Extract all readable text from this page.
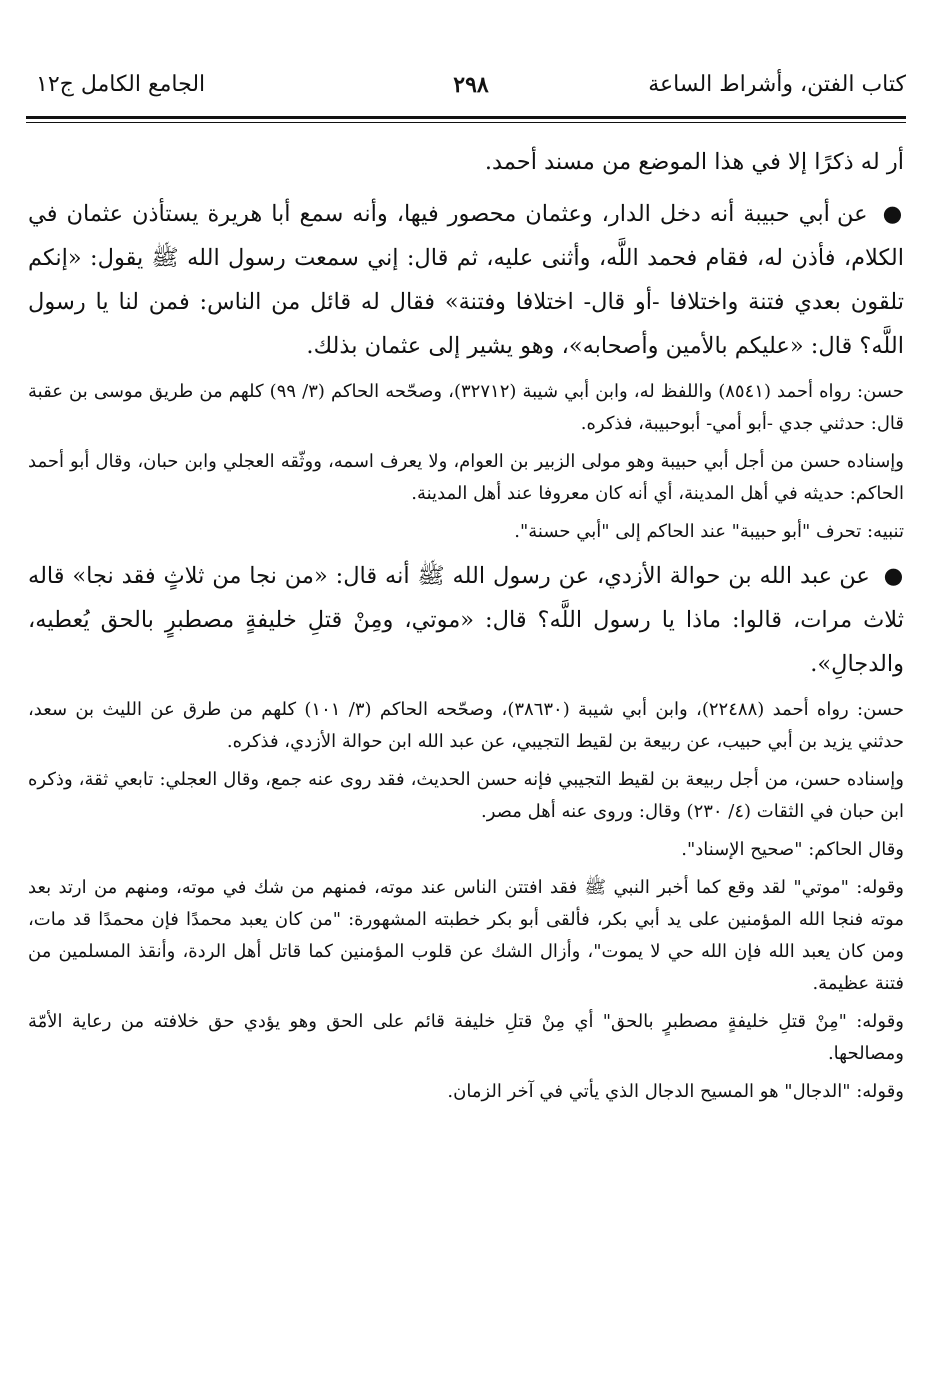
كتاب الفتن، وأشراط الساعة
٢٩٨
الجامع الكامل ج١٢

أر له ذكرًا إلا في هذا الموضع من مسند أحمد.

● عن أبي حبيبة أنه دخل الدار، وعثمان محصور فيها، وأنه سمع أبا هريرة يستأذن عثمان في الكلام، فأذن له، فقام فحمد اللَّه، وأثنى عليه، ثم قال: إني سمعت رسول الله ﷺ يقول: «إنكم تلقون بعدي فتنة واختلافا -أو قال- اختلافا وفتنة» فقال له قائل من الناس: فمن لنا يا رسول اللَّه؟ قال: «عليكم بالأمين وأصحابه»، وهو يشير إلى عثمان بذلك.

حسن: رواه أحمد (٨٥٤١) واللفظ له، وابن أبي شيبة (٣٢٧١٢)، وصحّحه الحاكم (٣/ ٩٩) كلهم من طريق موسى بن عقبة قال: حدثني جدي -أبو أمي- أبوحبيبة، فذكره.

وإسناده حسن من أجل أبي حبيبة وهو مولى الزبير بن العوام، ولا يعرف اسمه، ووثّقه العجلي وابن حبان، وقال أبو أحمد الحاكم: حديثه في أهل المدينة، أي أنه كان معروفا عند أهل المدينة.

تنبيه: تحرف "أبو حبيبة" عند الحاكم إلى "أبي حسنة".

● عن عبد الله بن حوالة الأزدي، عن رسول الله ﷺ أنه قال: «من نجا من ثلاثٍ فقد نجا» قاله ثلاث مرات، قالوا: ماذا يا رسول اللَّه؟ قال: «موتي، ومِنْ قتلِ خليفةٍ مصطبرٍ بالحق يُعطيه، والدجالِ».

حسن: رواه أحمد (٢٢٤٨٨)، وابن أبي شيبة (٣٨٦٣٠)، وصحّحه الحاكم (٣/ ١٠١) كلهم من طرق عن الليث بن سعد، حدثني يزيد بن أبي حبيب، عن ربيعة بن لقيط التجيبي، عن عبد الله ابن حوالة الأزدي، فذكره.

وإسناده حسن، من أجل ربيعة بن لقيط التجيبي فإنه حسن الحديث، فقد روى عنه جمع، وقال العجلي: تابعي ثقة، وذكره ابن حبان في الثقات (٤/ ٢٣٠) وقال: وروى عنه أهل مصر.

وقال الحاكم: "صحيح الإسناد".

وقوله: "موتي" لقد وقع كما أخبر النبي ﷺ فقد افتتن الناس عند موته، فمنهم من شك في موته، ومنهم من ارتد بعد موته فنجا الله المؤمنين على يد أبي بكر، فألقى أبو بكر خطبته المشهورة: "من كان يعبد محمدًا فإن محمدًا قد مات، ومن كان يعبد الله فإن الله حي لا يموت"، وأزال الشك عن قلوب المؤمنين كما قاتل أهل الردة، وأنقذ المسلمين من فتنة عظيمة.

وقوله: "مِنْ قتلِ خليفةٍ مصطبرٍ بالحق" أي مِنْ قتلِ خليفة قائم على الحق وهو يؤدي حق خلافته من رعاية الأمّة ومصالحها.

وقوله: "الدجال" هو المسيح الدجال الذي يأتي في آخر الزمان.
